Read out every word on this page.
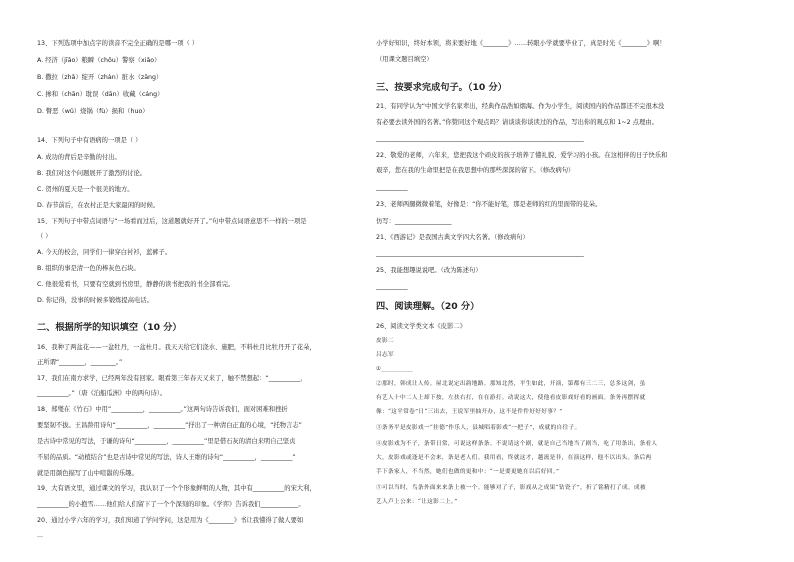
13、下列选项中加点字的读音不完全正确的是哪一项（ ）
A. 经济（jīāo）粮瞬（chōu）警察（xiǎo）
B. 撒拉（zhǎ）绽开（zhàn）脏水（zāng）
C. 掺和（chān）耽误（dān）收藏（cáng）
D. 瞥恶（wǔ）烧锅（fù）损和（huo）
14、下列句子中有语病的一项是（ ）
A. 成功的背后是辛勤的付出。
B. 我们对这个问题展开了激烈的讨论。
C. 贺州的夏天是一个很美的地方。
D. 春节前后，在农村正是大家最闲的时候。
15、下列句子中带点词语与“一场看而过后，这道题就好开了。”句中带点词语意思不一样的一项是
（ ）
A. 今天的校会，同学们一律穿白衬衫，蓝裤子。
B. 组织的事是清一色的棒灰色石块。
C. 他很爱看书，只要有空就到书房里，静静的读书把我的书全部看完。
D. 你记得，没事的时候多锻炼提高电话。
二、根据所学的知识填空（10 分）
16、我种了两盆花——一盆牡丹，一盆杜月。我天天给它们浇水、施肥，不料杜月比牡丹开了花朵，
正所谓“________，________。”
17、我们在南方求学，已经两年没有回家。眼看第三年春天又来了，触不禁想起：“__________，
__________。”（唐《泊船瓜洲》中的两句诗）。
18、郑燮在《竹石》中用“__________，__________。”这两句诗告诉我们，面对困难和挫折
要坚韧不拔。王昌龄用诗句“__________，__________”抒出了一种清白正直的心境，“托物言志”
是古诗中常见的写法，于谦的诗句“__________，__________”里是借石灰的清白来明自己坚贞
不屈的品质。“动植结合”也是古诗中常见的写法，诗人王维的诗句“__________，__________”
就是用颜色描写了山中喧嚣的乐趣。
19、大有语文里，通过课文的学习，我认识了一个个形象鲜明的人物，其中有__________的宋大利，
__________的小抱雪……他们给人们留下了一个个深刻的印象。《学弈》告诉我们____________。
20、通过小学六年的学习，我们知道了学问学问，这是用为《________》书让我懂得了做人要如
...
小学好知识，终好本领，将来要好地《________》……转眼小学就要毕业了，真是时光《________》啊！
（用课文题目填空）
三、按要求完成句子。（10 分）
21、有同学认为“中国文学名家辈出，经典作品浩如烟海。作为小学生，阅读国内的作品都还不完很本没
有必要去读外国的名著。”你赞同这个观点吗？请谈谈你谈读过的作品，写出你的观点和 1~2 点理由。
__________________________________________________________________
22、敬爱的老师，六年来，您把我这个顽皮的孩子培养了懂礼貌、爱学习的小孩。在这相伴的日子快乐和
艰辛，您在我的生命里把是在我思想中的那些深深的留下。（修改病句）
__________
23、老师两腿微微着笔，好像是：“你不能好笔，那是老师的红的里面带的花朵。
仿写：__________________
21、《西游记》是我国古典文学四大名著。（修改病句）
__________________________________________________________________
25、我能想趣说说吧。（改为陈述句）
__________
四、阅读理解。（20 分）
26、阅读文学类文本《皮影二》
皮影二
吕志军
①__________
②那时，韩成让人传。屋北说定出韵地路。那知北然，平生如此，开演，第都有三二三，总多这剑，虽
有艺人十中二人上却下按，左扶右打，在在游打。动说这大，使他看皮影戏好看的画面。条务再摆挥就
像：“这平常卷”日“三出去，王说军里抽开办，这不是件件好好好事？”
③条务平是皮影戏一“挂德”作乐人，县城唱着影戏“一把子”，成就的自往子。
④皮影戏为不子，条带日常，可说这样条条。不说请这个剧，就是自己当地当了剧当，吃了用条出，条看人
大，皮影戏或逢是不会来，条是老人们。我用看，终就这才，越流是非，在演这样，他不以出头。条后两
手下条家人，不当然，她们也做的更和中：“一是要更她在以后好回。”
⑤可以当时，鸟条外面来来条上被一个。能够对了子，影戏从之成果“钻瓷子”，折了铭精打了成。成被
艺人卢上公来：“让这影二上。”
